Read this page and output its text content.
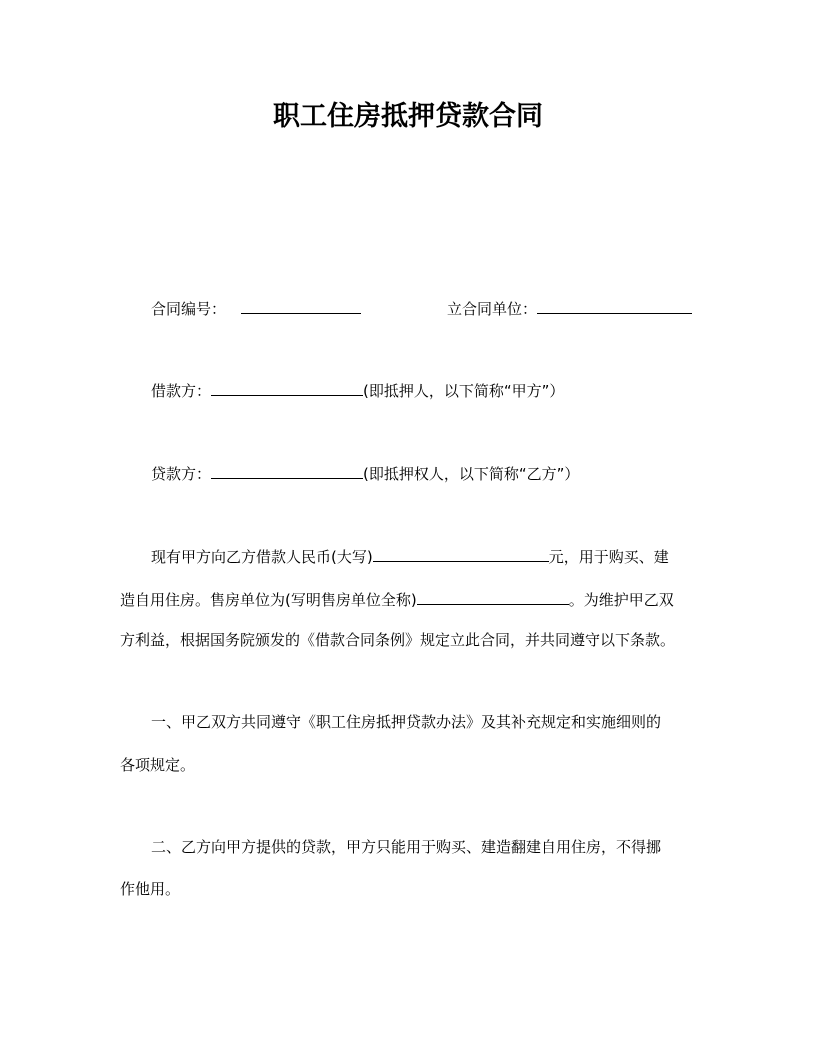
职工住房抵押贷款合同
合同编号：	立合同单位：
借款方：	(即抵押人，以下简称“甲方”）
贷款方：	(即抵押权人，以下简称“乙方”）
现有甲方向乙方借款人民币(大写)	元，用于购买、建
造自用住房。售房单位为(写明售房单位全称)	。为维护甲乙双
方利益，根据国务院颁发的《借款合同条例》规定立此合同，并共同遵守以下条款。
一、甲乙双方共同遵守《职工住房抵押贷款办法》及其补充规定和实施细则的
各项规定。
二、乙方向甲方提供的贷款，甲方只能用于购买、建造翻建自用住房，不得挪
作他用。
